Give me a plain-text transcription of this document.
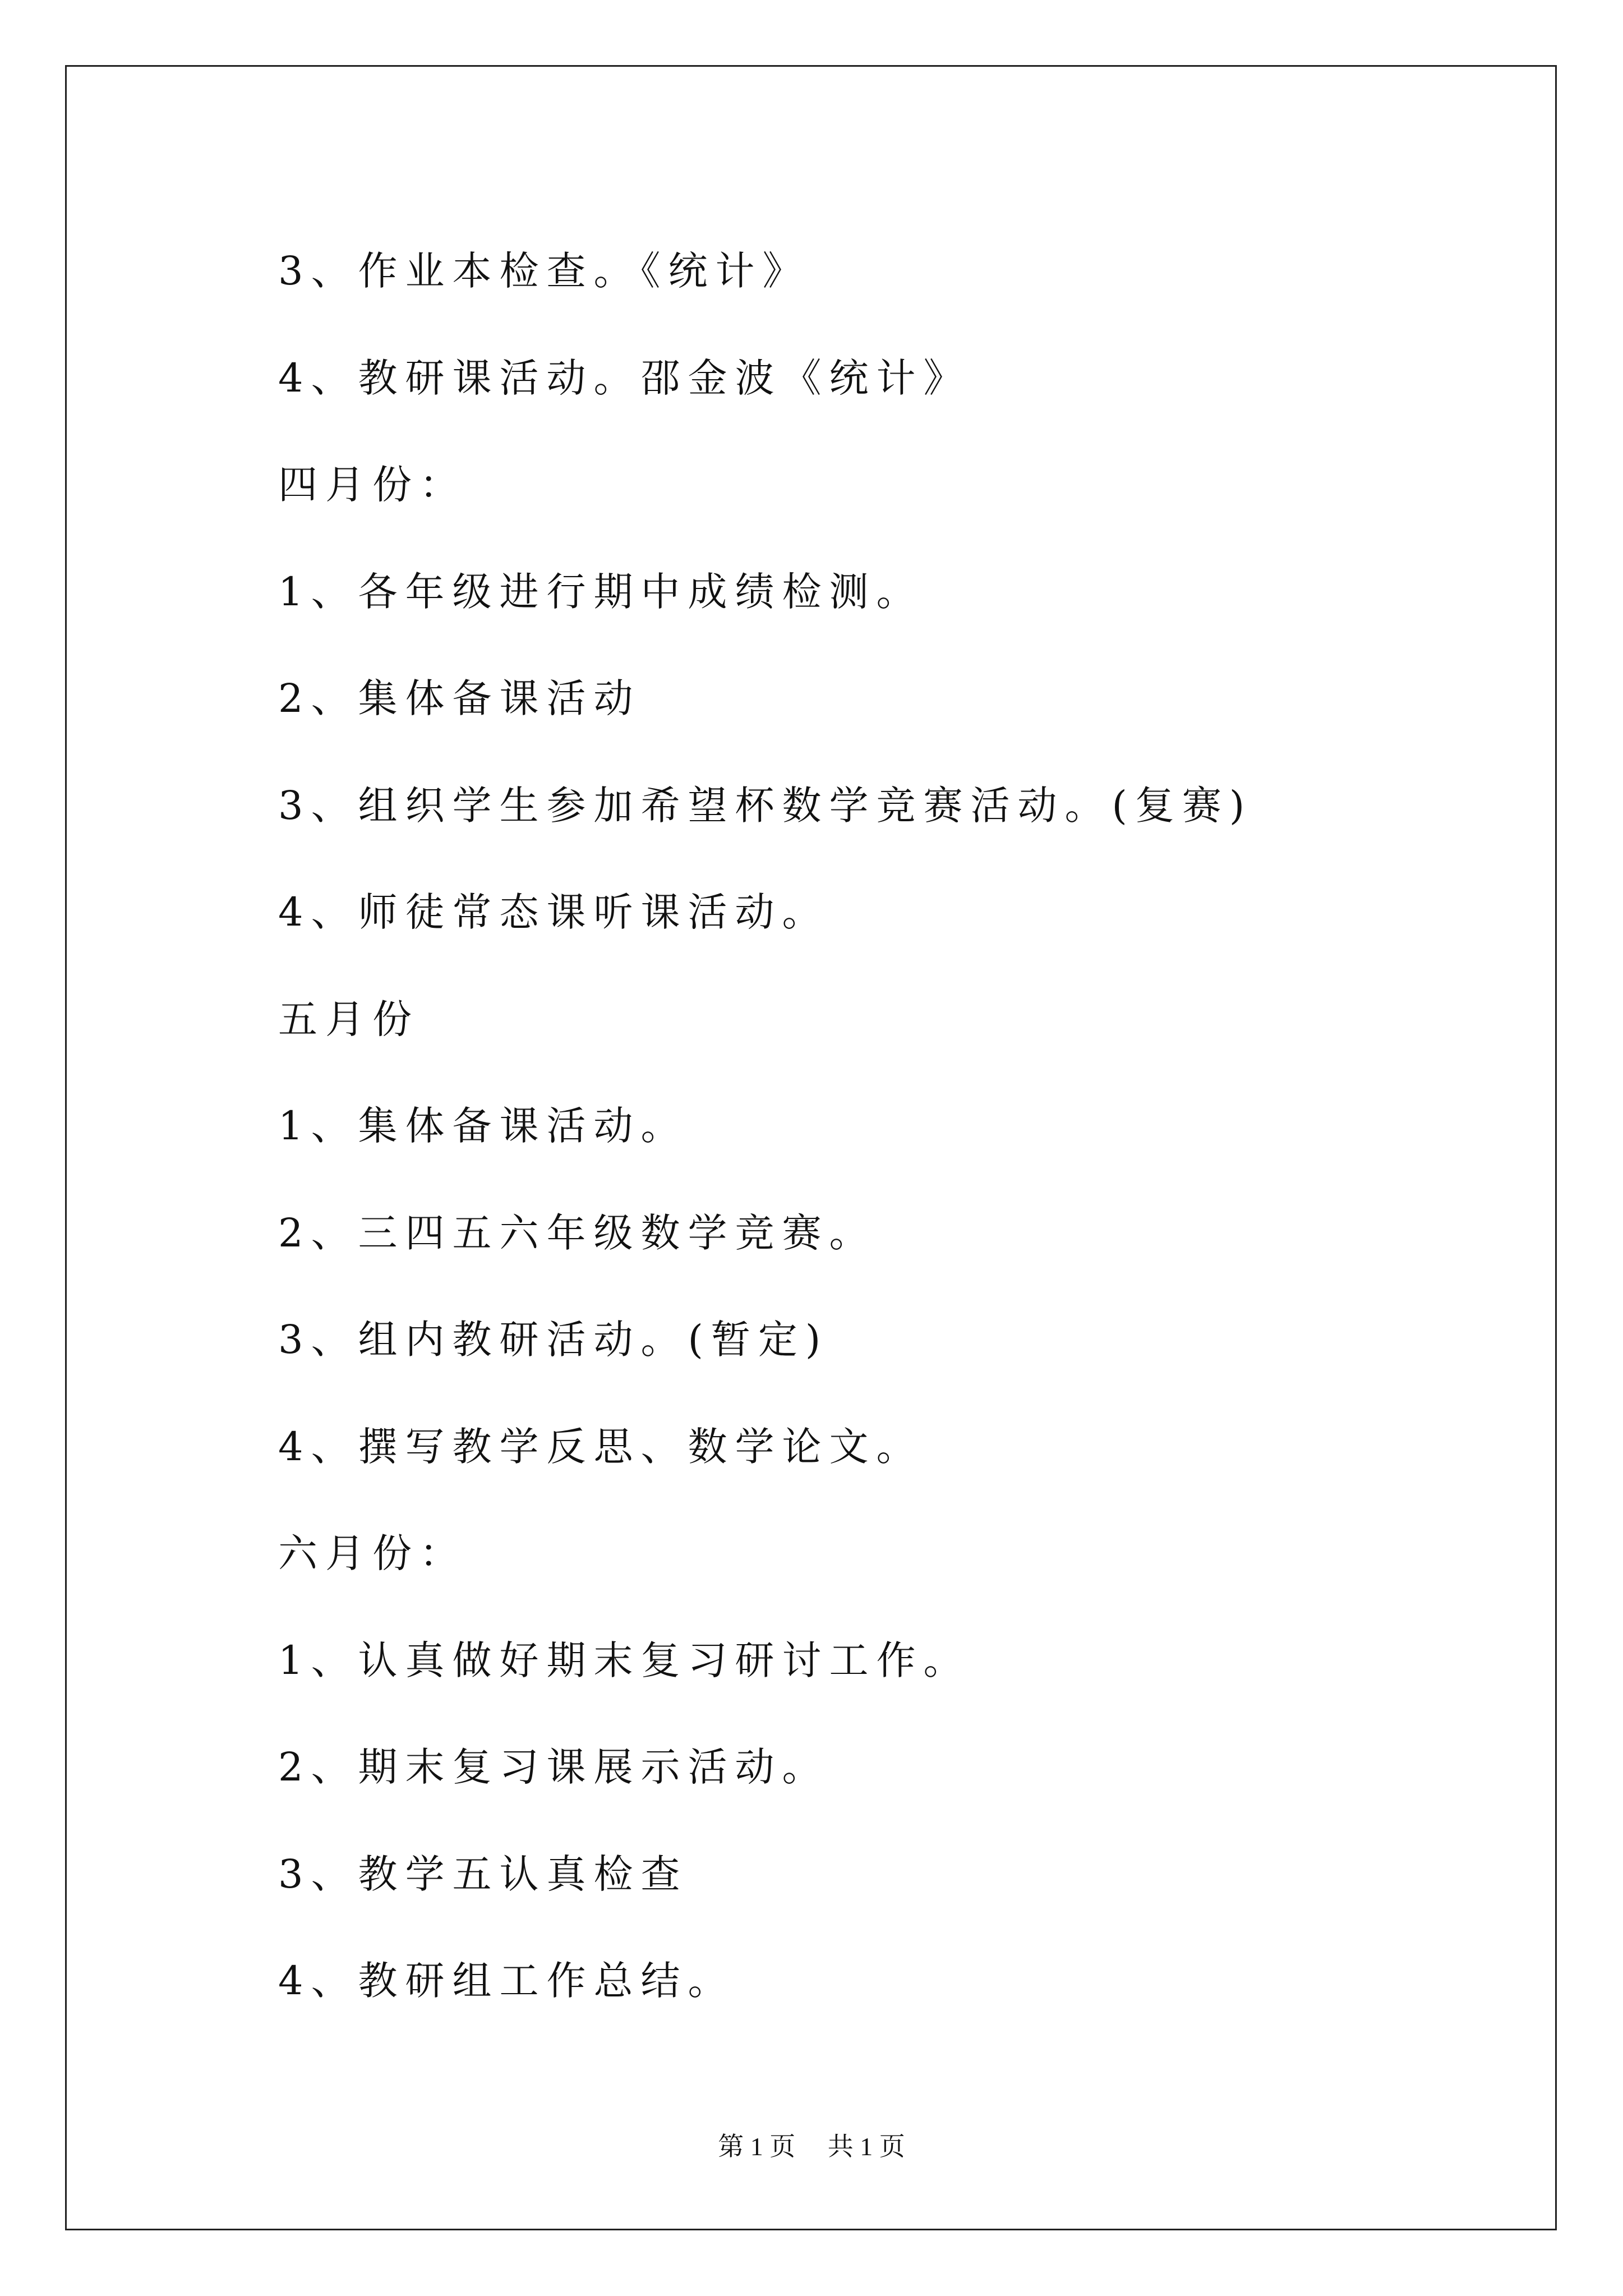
3、作业本检查。《统计》
4、教研课活动。邵金波《统计》
四月份：
1、各年级进行期中成绩检测。
2、集体备课活动
3、组织学生参加希望杯数学竞赛活动。(复赛)
4、师徒常态课听课活动。
五月份
1、集体备课活动。
2、三四五六年级数学竞赛。
3、组内教研活动。(暂定)
4、撰写教学反思、数学论文。
六月份：
1、认真做好期末复习研讨工作。
2、期末复习课展示活动。
3、教学五认真检查
4、教研组工作总结。
第 1 页　 共 1 页
